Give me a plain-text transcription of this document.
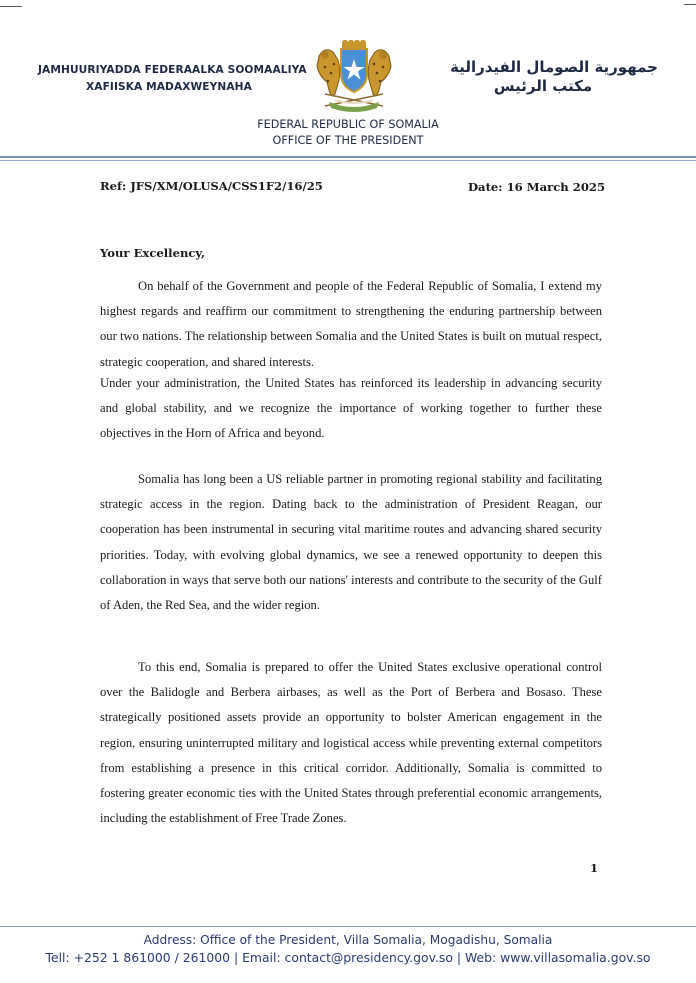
JAMHUURIYADDA FEDERAALKA SOOMAALIYA
XAFIISKA MADAXWEYNAHA
جمهورية الصومال الفيدرالية
مكتب الرئيس
FEDERAL REPUBLIC OF SOMALIA
OFFICE OF THE PRESIDENT
Ref: JFS/XM/OLUSA/CSS1F2/16/25	Date: 16 March 2025
Your Excellency,
On behalf of the Government and people of the Federal Republic of Somalia, I extend my highest regards and reaffirm our commitment to strengthening the enduring partnership between our two nations. The relationship between Somalia and the United States is built on mutual respect, strategic cooperation, and shared interests.
Under your administration, the United States has reinforced its leadership in advancing security and global stability, and we recognize the importance of working together to further these objectives in the Horn of Africa and beyond.
Somalia has long been a US reliable partner in promoting regional stability and facilitating strategic access in the region. Dating back to the administration of President Reagan, our cooperation has been instrumental in securing vital maritime routes and advancing shared security priorities. Today, with evolving global dynamics, we see a renewed opportunity to deepen this collaboration in ways that serve both our nations' interests and contribute to the security of the Gulf of Aden, the Red Sea, and the wider region.
To this end, Somalia is prepared to offer the United States exclusive operational control over the Balidogle and Berbera airbases, as well as the Port of Berbera and Bosaso. These strategically positioned assets provide an opportunity to bolster American engagement in the region, ensuring uninterrupted military and logistical access while preventing external competitors from establishing a presence in this critical corridor. Additionally, Somalia is committed to fostering greater economic ties with the United States through preferential economic arrangements, including the establishment of Free Trade Zones.
1
Address: Office of the President, Villa Somalia, Mogadishu, Somalia
Tell: +252 1 861000 / 261000 | Email: contact@presidency.gov.so | Web: www.villasomalia.gov.so
